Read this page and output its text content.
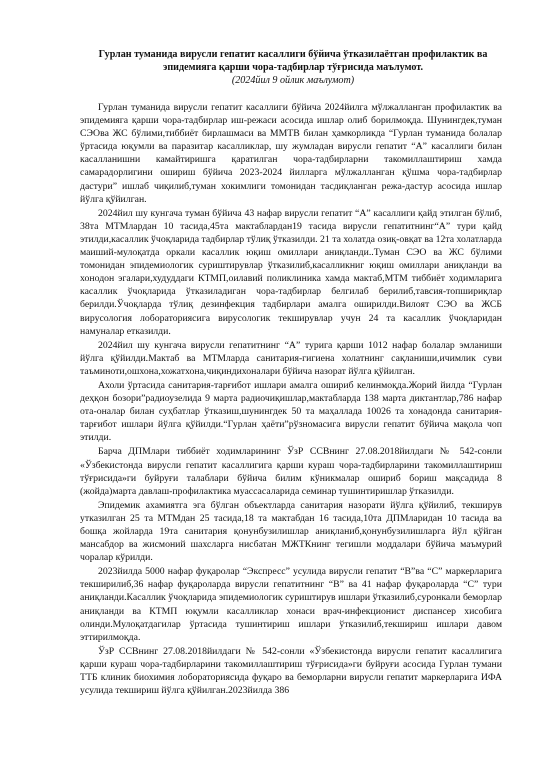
Гурлан туманида вирусли гепатит касаллиги бўйича ўтказилаётган профилактик ва

эпидемияга қарши чора-тадбирлар тўғрисида маълумот.

(2024йил 9 ойлик маълумот)

Гурлан туманида вирусли гепатит касаллиги бўйича 2024йилга мўлжалланган профилактик ва эпидемияга қарши чора-тадбирлар иш-режаси асосида ишлар олиб борилмоқда. Шунингдек,туман СЭОва ЖС бўлими,тиббиёт бирлашмаси ва ММТВ билан ҳамкорликда “Гурлан туманида болалар ўртасида юқумли ва паразитар касалликлар, шу жумладан вирусли гепатит “А” касаллиги билан касалланишни камайтиришга қаратилган чора-тадбирларни такомиллаштириш хамда самарадорлигини ошириш бўйича 2023-2024 йилларга мўлжалланган қўшма чора-тадбирлар дастури” ишлаб чиқилиб,туман хокимлиги томонидан тасдиқланган режа-дастур асосида ишлар йўлга қўйилган.

2024йил шу кунгача туман бўйича 43 нафар вирусли гепатит “А” касаллиги қайд этилган бўлиб, 38та МТМлардан 10 тасида,45та мактаблардан19 тасида вирусли гепатитнинг“А” тури қайд этилди,касаллик ўчоқларида тадбирлар тўлиқ ўтказилди. 21 та холатда озиқ-овқат ва 12та холатларда маиший-мулоқатда оркали касаллик юқиш омиллари аниқланди..Туман СЭО ва ЖС бўлими томонидан эпидемиологик суриштирувлар ўтказилиб,касалликниг юқиш омиллари аниқланди ва хонодон эгалари,худуддаги КТМП,оилавий поликлиника хамда мактаб,МТМ тиббиёт ходимларига касаллик ўчоқларида ўтказиладиган чора-тадбирлар белгилаб берилиб,тавсия-топшириқлар берилди.Ўчоқларда тўлиқ дезинфекция тадбирлари амалга оширилди.Вилоят СЭО ва ЖСБ вирусология лобораториясига вирусологик текширувлар учун 24 та касаллик ўчоқларидан намуналар етказилди.

2024йил шу кунгача вирусли гепатитнинг “А” турига қарши 1012 нафар болалар эмланиши йўлга қўйилди.Мактаб ва МТМларда санитария-гигиена холатнинг сақланиши,ичимлик суви таъминоти,ошхона,хожатхона,чиқиндихоналари бўйича назорат йўлга қўйилган.

Ахоли ўртасида санитария-тарғибот ишлари амалга ошириб келинмоқда.Жорий йилда “Гурлан деҳқон бозори”радиоузелида 9 марта радиочиқишлар,мактабларда 138 марта диктантлар,786 нафар ота-оналар билан суҳбатлар ўтказиш,шунингдек 50 та маҳаллада 10026 та хонадонда санитария-тарғибот ишлари йўлга қўйилди.“Гурлан ҳаёти”рўзномасига вирусли гепатит бўйича мақола чоп этилди.

Барча ДПМлари тиббиёт ходимларининг ЎзР ССВнинг 27.08.2018йилдаги № 542-сонли «Ўзбекистонда вирусли гепатит касаллигига қарши кураш чора-тадбирларини такомиллаштириш тўғрисида»ги буйруғи талаблари бўйича билим кўникмалар ошириб бориш мақсадида 8 (жойда)марта давлаш-профилактика муассасаларида семинар тушинтиришлар ўтказилди.

Эпидемик ахамиятга эга бўлган объектларда санитария назорати йўлга қўйилиб, текширув утказилган 25 та МТМдан 25 тасида,18 та мактабдан 16 тасида,10та ДПМларидан 10 тасида ва бошқа жойларда 19та санитария қонунбузилишлар аниқланиб,қонунбузилишларга йўл қўйган мансабдор ва жисмоний шахсларга нисбатан МЖТКнинг тегишли моддалари бўйича маъмурий чоралар кўрилди.

2023йилда 5000 нафар фуқаролар “Экспресс” усулида вирусли гепатит “В”ва “С” маркерларига текширилиб,36 нафар фуқароларда вирусли гепатитнинг “В” ва 41 нафар фуқароларда “С” тури аниқланди.Касаллик ўчоқларида эпидемиологик суриштирув ишлари ўтказилиб,суронкали беморлар аниқланди ва КТМП юқумли касалликлар хонаси врач-инфекционист диспансер хисобига олинди.Мулоқатдагилар ўртасида тушинтириш ишлари ўтказилиб,текшириш ишлари давом эттирилмоқда.

ЎзР ССВнинг 27.08.2018йилдаги № 542-сонли «Ўзбекистонда вирусли гепатит касаллигига қарши кураш чора-тадбирларини такомиллаштириш тўғрисида»ги буйруғи асосида Гурлан тумани ТТБ клиник биохимия лобораториясида фуқаро ва беморларни вирусли гепатит маркерларига ИФА усулида текшириш йўлга қўйилган.2023йилда 386
